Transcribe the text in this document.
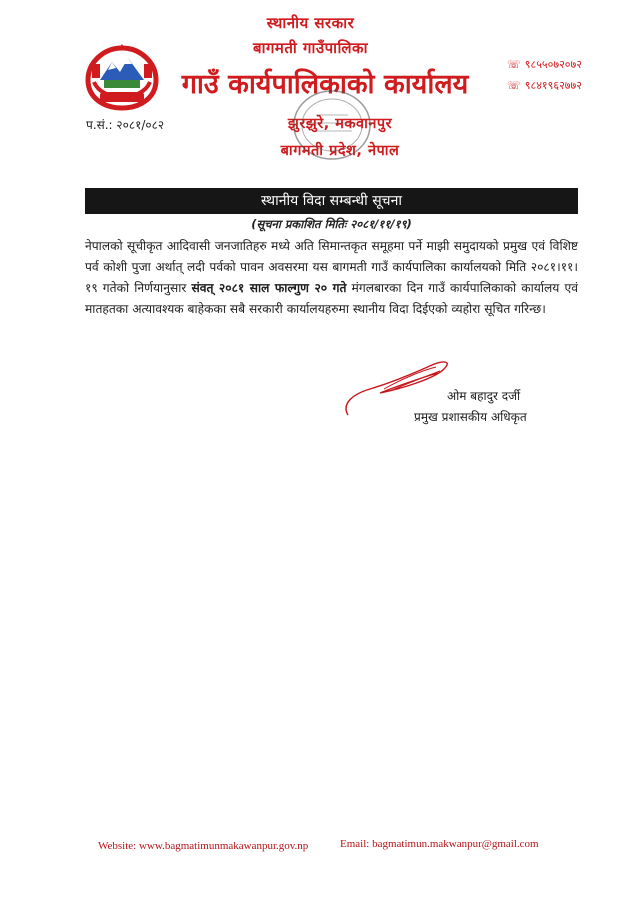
स्थानीय सरकार
बागमती गाउँपालिका
गाउँ कार्यपालिकाको कार्यालय
झुरझुरे, मकवानपुर
बागमती प्रदेश, नेपाल
प.सं.: २०८१/०८२
☏ ९८५५०७२०७२
☏ ९८४१९६२७७२
स्थानीय विदा सम्बन्धी सूचना
(सूचना प्रकाशित मितिः २०८१/११/१९)
नेपालको सूचीकृत आदिवासी जनजातिहरु मध्ये अति सिमान्तकृत समूहमा पर्ने माझी समुदायको प्रमुख एवं विशिष्ट पर्व कोशी पुजा अर्थात् लदी पर्वको पावन अवसरमा यस बागमती गाउँ कार्यपालिका कार्यालयको मिति २०८१।११।१९ गतेको निर्णयानुसार संवत् २०८१ साल फाल्गुण २० गते मंगलबारका दिन गाउँ कार्यपालिकाको कार्यालय एवं मातहतका अत्यावश्यक बाहेकका सबै सरकारी कार्यालयहरुमा स्थानीय विदा दिईएको व्यहोरा सूचित गरिन्छ।
ओम बहादुर दर्जी
प्रमुख प्रशासकीय अधिकृत
Website: www.bagmatimunmakawanpur.gov.np	Email: bagmatimun.makwanpur@gmail.com
